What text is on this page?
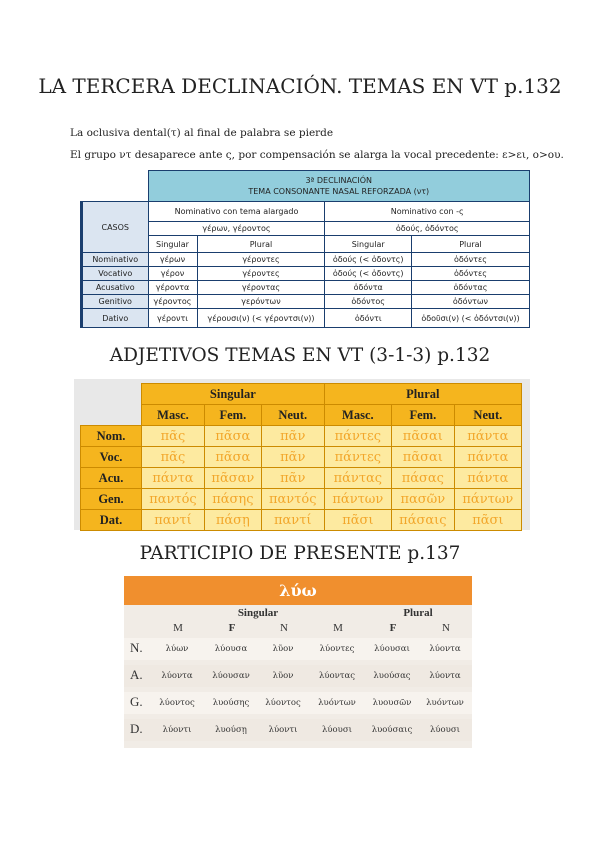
LA TERCERA DECLINACIÓN. TEMAS EN VT p.132
La oclusiva dental(τ) al final de palabra se pierde
El grupo ντ desaparece ante ς, por compensación se alarga la vocal precedente: ε>ει, ο>ου.

	3ª DECLINACIÓN
TEMA CONSONANTE NASAL REFORZADA (ντ)			

CASOS	Nominativo con tema alargado		Nominativo con -ς	
	γέρων, γέροντος		ὀδούς, ὀδόντος	
	Singular	Plural	Singular	Plural
Nominativo	γέρων	γέροντες	ὀδούς (< ὀδοντς)	ὀδόντες
Vocativo	γέρον	γέροντες	ὀδούς (< ὀδοντς)	ὀδόντες
Acusativo	γέροντα	γέροντας	ὀδόντα	ὀδόντας
Genitivo	γέροντος	γερόντων	ὀδόντος	ὀδόντων
Dativo	γέροντι	γέρουσι(ν) (< γέροντσι(ν))	ὀδόντι	ὀδοῦσι(ν) (< ὀδόντσι(ν))
ADJETIVOS TEMAS EN VT (3-1-3) p.132
	Singular			Plural		
	Masc.	Fem.	Neut.	Masc.	Fem.	Neut.
Nom.	πᾶς	πᾶσα	πᾶν	πάντες	πᾶσαι	πάντα
Voc.	πᾶς	πᾶσα	πᾶν	πάντες	πᾶσαι	πάντα
Acu.	πάντα	πᾶσαν	πᾶν	πάντας	πάσας	πάντα
Gen.	παντός	πάσης	παντός	πάντων	πασῶν	πάντων
Dat.	παντί	πάσῃ	παντί	πᾶσι	πάσαις	πᾶσι
PARTICIPIO DE PRESENTE p.137
λύω
Singular	Plural
M	F	N	M	F	N
N.	λύων	λύουσα	λῦον	λύοντες	λύουσαι	λύοντα
A.	λύοντα	λύουσαν	λῦον	λύοντας	λυούσας	λύοντα
G.	λύοντος	λυούσης	λύοντος	λυόντων	λυουσῶν	λυόντων
D.	λύοντι	λυούσῃ	λύοντι	λύουσι	λυούσαις	λύουσι
